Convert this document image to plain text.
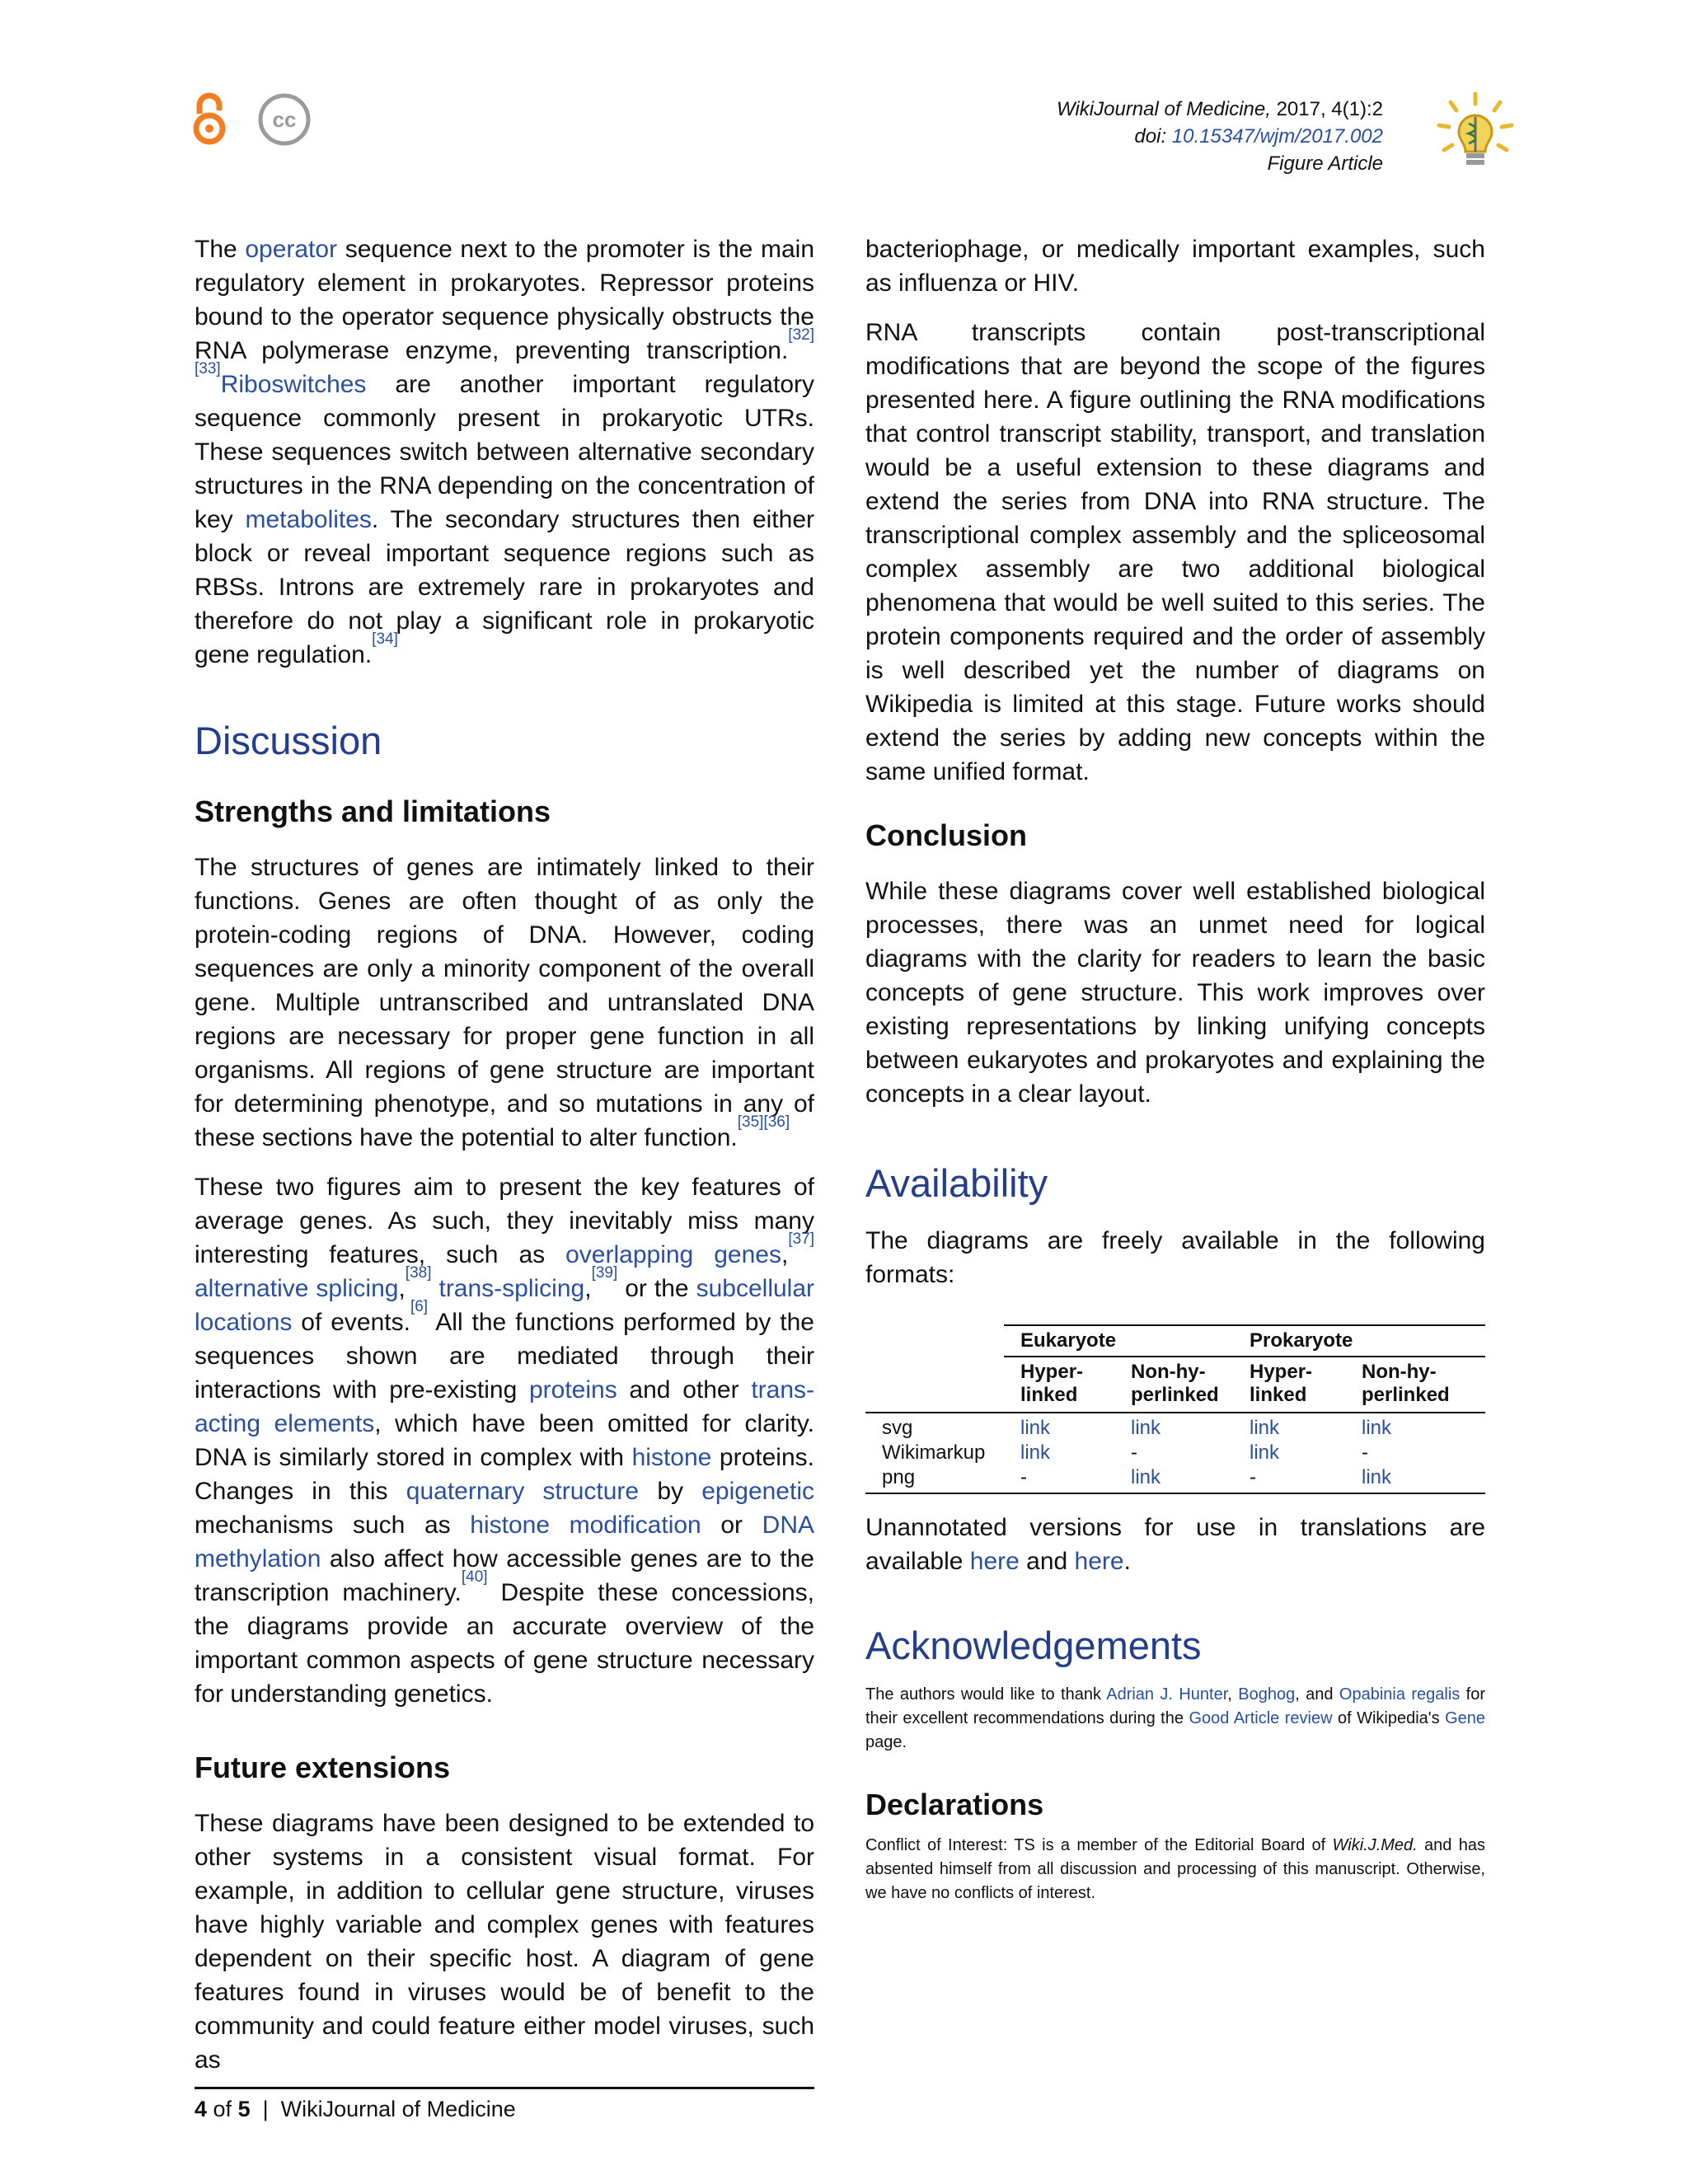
cc	WikiJournal of Medicine, 2017, 4(1):2
doi: 10.15347/wjm/2017.002
Figure Article

The operator sequence next to the promoter is the main regulatory element in prokaryotes. Repressor proteins bound to the operator sequence physically obstructs the RNA polymerase enzyme, preventing transcription.[32][33]Riboswitches are another important regulatory sequence commonly present in prokaryotic UTRs. These sequences switch between alternative secondary structures in the RNA depending on the concentration of key metabolites. The secondary structures then either block or reveal important sequence regions such as RBSs. Introns are extremely rare in prokaryotes and therefore do not play a significant role in prokaryotic gene regulation.[34]

Discussion
Strengths and limitations

The structures of genes are intimately linked to their functions. Genes are often thought of as only the protein-coding regions of DNA. However, coding sequences are only a minority component of the overall gene. Multiple untranscribed and untranslated DNA regions are necessary for proper gene function in all organisms. All regions of gene structure are important for determining phenotype, and so mutations in any of these sections have the potential to alter function.[35][36]

These two figures aim to present the key features of average genes. As such, they inevitably miss many interesting features, such as overlapping genes,[37] alternative splicing,[38] trans-splicing,[39] or the subcellular locations of events.[6] All the functions performed by the sequences shown are mediated through their interactions with pre-existing proteins and other trans-acting elements, which have been omitted for clarity. DNA is similarly stored in complex with histone proteins. Changes in this quaternary structure by epigenetic mechanisms such as histone modification or DNA methylation also affect how accessible genes are to the transcription machinery.[40] Despite these concessions, the diagrams provide an accurate overview of the important common aspects of gene structure necessary for understanding genetics.

Future extensions

These diagrams have been designed to be extended to other systems in a consistent visual format. For example, in addition to cellular gene structure, viruses have highly variable and complex genes with features dependent on their specific host. A diagram of gene features found in viruses would be of benefit to the community and could feature either model viruses, such as

bacteriophage, or medically important examples, such as influenza or HIV.

RNA transcripts contain post-transcriptional modifications that are beyond the scope of the figures presented here. A figure outlining the RNA modifications that control transcript stability, transport, and translation would be a useful extension to these diagrams and extend the series from DNA into RNA structure. The transcriptional complex assembly and the spliceosomal complex assembly are two additional biological phenomena that would be well suited to this series. The protein components required and the order of assembly is well described yet the number of diagrams on Wikipedia is limited at this stage. Future works should extend the series by adding new concepts within the same unified format.

Conclusion

While these diagrams cover well established biological processes, there was an unmet need for logical diagrams with the clarity for readers to learn the basic concepts of gene structure. This work improves over existing representations by linking unifying concepts between eukaryotes and prokaryotes and explaining the concepts in a clear layout.

Availability

The diagrams are freely available in the following formats:

	Eukaryote		Prokaryote	
	Hyper-linked	Non-hy-perlinked	Hyper-linked	Non-hy-perlinked
svg	link	link	link	link
Wikimarkup	link	-	link	-
png	-	link	-	link

Unannotated versions for use in translations are available here and here.

Acknowledgements

The authors would like to thank Adrian J. Hunter, Boghog, and Opabinia regalis for their excellent recommendations during the Good Article review of Wikipedia's Gene page.

Declarations

Conflict of Interest: TS is a member of the Editorial Board of Wiki.J.Med. and has absented himself from all discussion and processing of this manuscript. Otherwise, we have no conflicts of interest.

4 of 5  |  WikiJournal of Medicine
